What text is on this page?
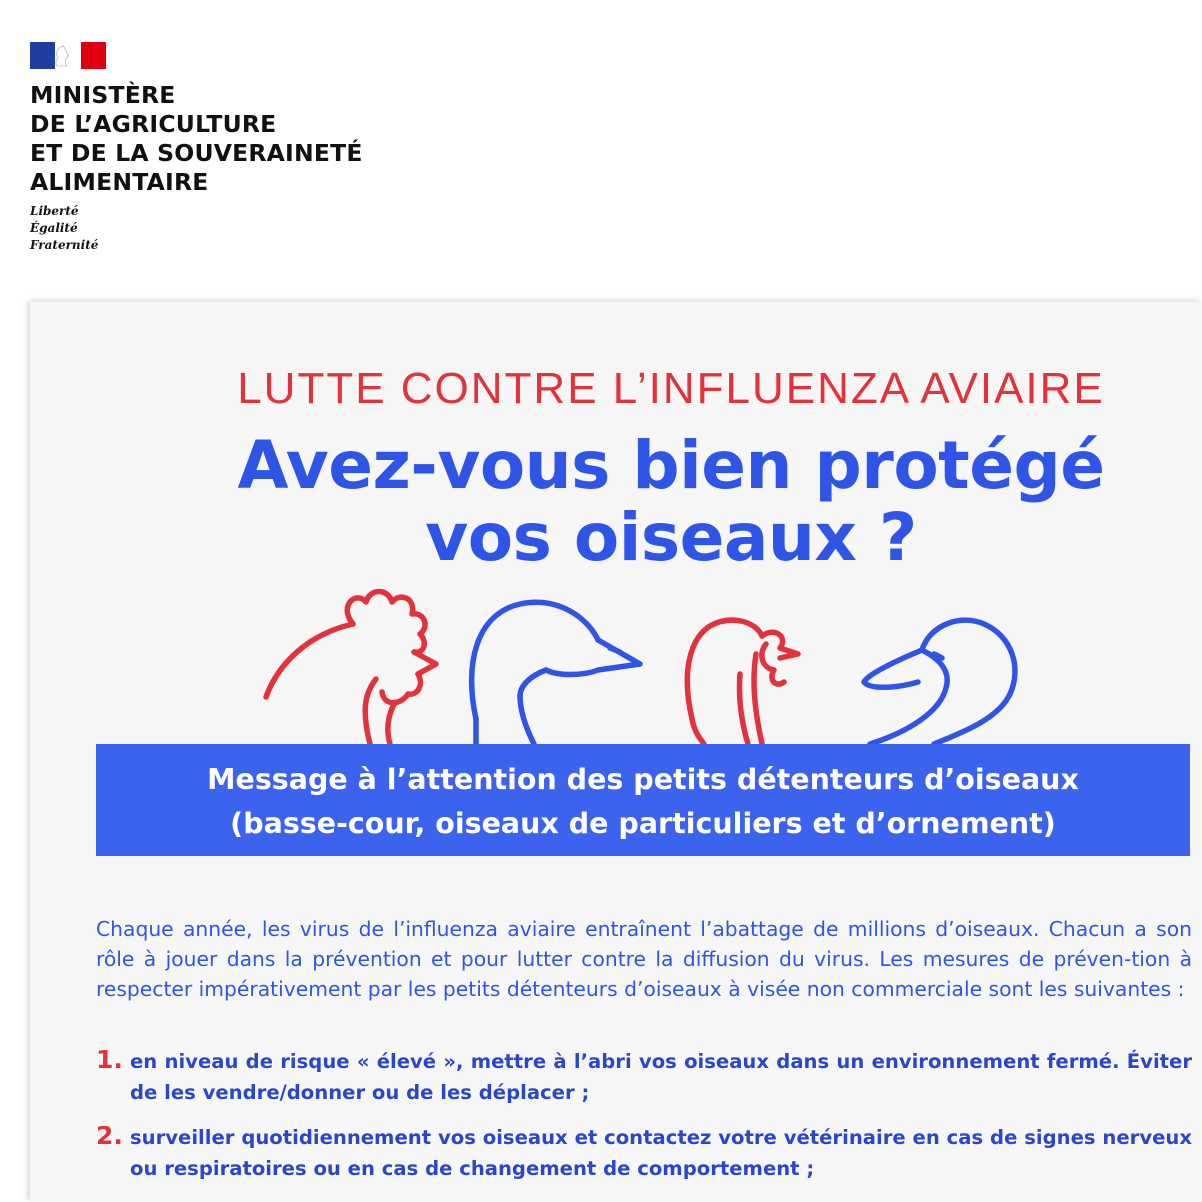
MINISTÈRE
DE L’AGRICULTURE
ET DE LA SOUVERAINETÉ
ALIMENTAIRE
Liberté
Égalité
Fraternité
LUTTE CONTRE L’INFLUENZA AVIAIRE
Avez-vous bien protégé
vos oiseaux ?
Message à l’attention des petits détenteurs d’oiseaux
(basse-cour, oiseaux de particuliers et d’ornement)

Chaque année, les virus de l’influenza aviaire entraînent l’abattage de millions d’oiseaux. Chacun a son rôle à jouer dans la prévention et pour lutter contre la diffusion du virus. Les mesures de préven-tion à respecter impérativement par les petits détenteurs d’oiseaux à visée non commerciale sont les suivantes :

1. en niveau de risque « élevé », mettre à l’abri vos oiseaux dans un environnement fermé. Éviter de les vendre/donner ou de les déplacer ;
2. surveiller quotidiennement vos oiseaux et contactez votre vétérinaire en cas de signes nerveux ou respiratoires ou en cas de changement de comportement ;
